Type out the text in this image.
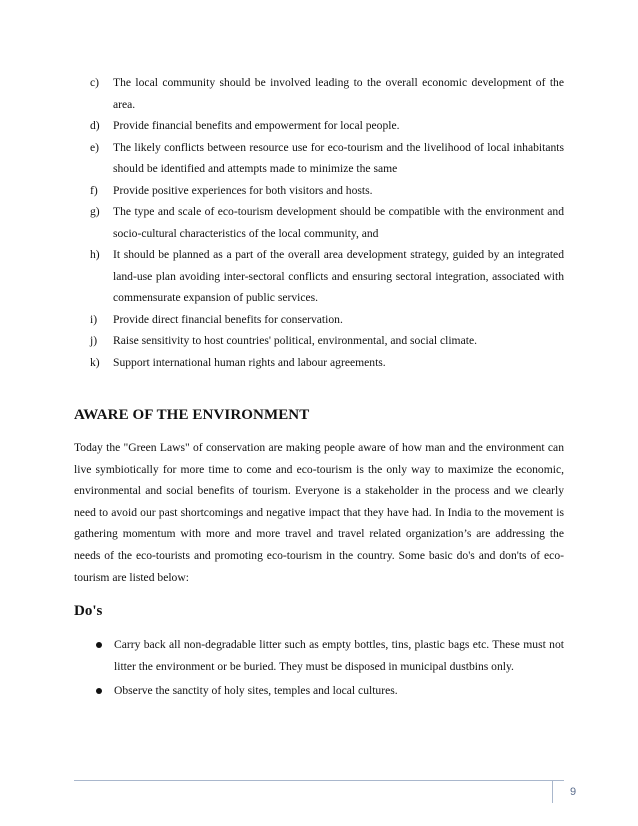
c) The local community should be involved leading to the overall economic development of the area.
d) Provide financial benefits and empowerment for local people.
e) The likely conflicts between resource use for eco-tourism and the livelihood of local inhabitants should be identified and attempts made to minimize the same
f) Provide positive experiences for both visitors and hosts.
g) The type and scale of eco-tourism development should be compatible with the environment and socio-cultural characteristics of the local community, and
h) It should be planned as a part of the overall area development strategy, guided by an integrated land-use plan avoiding inter-sectoral conflicts and ensuring sectoral integration, associated with commensurate expansion of public services.
i) Provide direct financial benefits for conservation.
j) Raise sensitivity to host countries' political, environmental, and social climate.
k) Support international human rights and labour agreements.
AWARE OF THE ENVIRONMENT

Today the "Green Laws" of conservation are making people aware of how man and the environment can live symbiotically for more time to come and eco-tourism is the only way to maximize the economic, environmental and social benefits of tourism. Everyone is a stakeholder in the process and we clearly need to avoid our past shortcomings and negative impact that they have had. In India to the movement is gathering momentum with more and more travel and travel related organization’s are addressing the needs of the eco-tourists and promoting eco-tourism in the country. Some basic do's and don'ts of eco-tourism are listed below:

Do's
Carry back all non-degradable litter such as empty bottles, tins, plastic bags etc. These must not litter the environment or be buried. They must be disposed in municipal dustbins only.
Observe the sanctity of holy sites, temples and local cultures.
9
